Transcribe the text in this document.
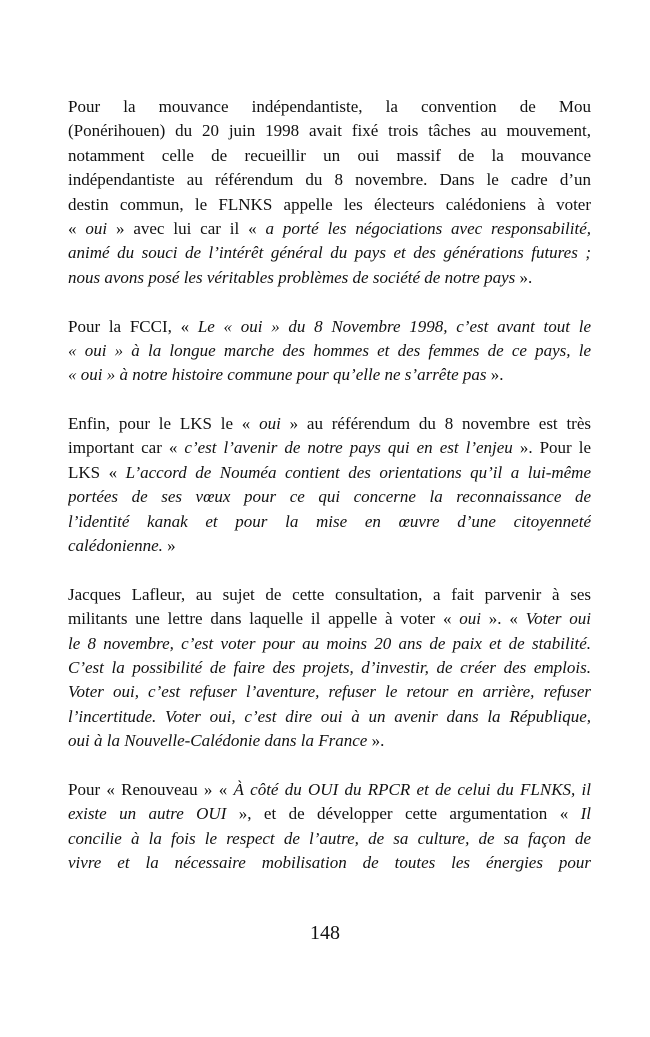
Pour la mouvance indépendantiste, la convention de Mou
(Ponérihouen) du 20 juin 1998 avait fixé trois tâches au mouvement,
notamment celle de recueillir un oui massif de la mouvance
indépendantiste au référendum du 8 novembre. Dans le cadre d’un
destin commun, le FLNKS appelle les électeurs calédoniens à voter
« oui » avec lui car il « a porté les négociations avec responsabilité,
animé du souci de l’intérêt général du pays et des générations futures ;
nous avons posé les véritables problèmes de société de notre pays ».
Pour la FCCI, « Le « oui » du 8 Novembre 1998, c’est avant tout le
« oui » à la longue marche des hommes et des femmes de ce pays, le
« oui » à notre histoire commune pour qu’elle ne s’arrête pas ».
Enfin, pour le LKS le « oui » au référendum du 8 novembre est très
important car « c’est l’avenir de notre pays qui en est l’enjeu ». Pour le
LKS « L’accord de Nouméa contient des orientations qu’il a lui-même
portées de ses vœux pour ce qui concerne la reconnaissance de
l’identité kanak et pour la mise en œuvre d’une citoyenneté
calédonienne. »
Jacques Lafleur, au sujet de cette consultation, a fait parvenir à ses
militants une lettre dans laquelle il appelle à voter « oui ». « Voter oui
le 8 novembre, c’est voter pour au moins 20 ans de paix et de stabilité.
C’est la possibilité de faire des projets, d’investir, de créer des emplois.
Voter oui, c’est refuser l’aventure, refuser le retour en arrière, refuser
l’incertitude. Voter oui, c’est dire oui à un avenir dans la République,
oui à la Nouvelle-Calédonie dans la France ».
Pour « Renouveau » « À côté du OUI du RPCR et de celui du FLNKS, il
existe un autre OUI », et de développer cette argumentation « Il
concilie à la fois le respect de l’autre, de sa culture, de sa façon de
vivre et la nécessaire mobilisation de toutes les énergies pour
148
